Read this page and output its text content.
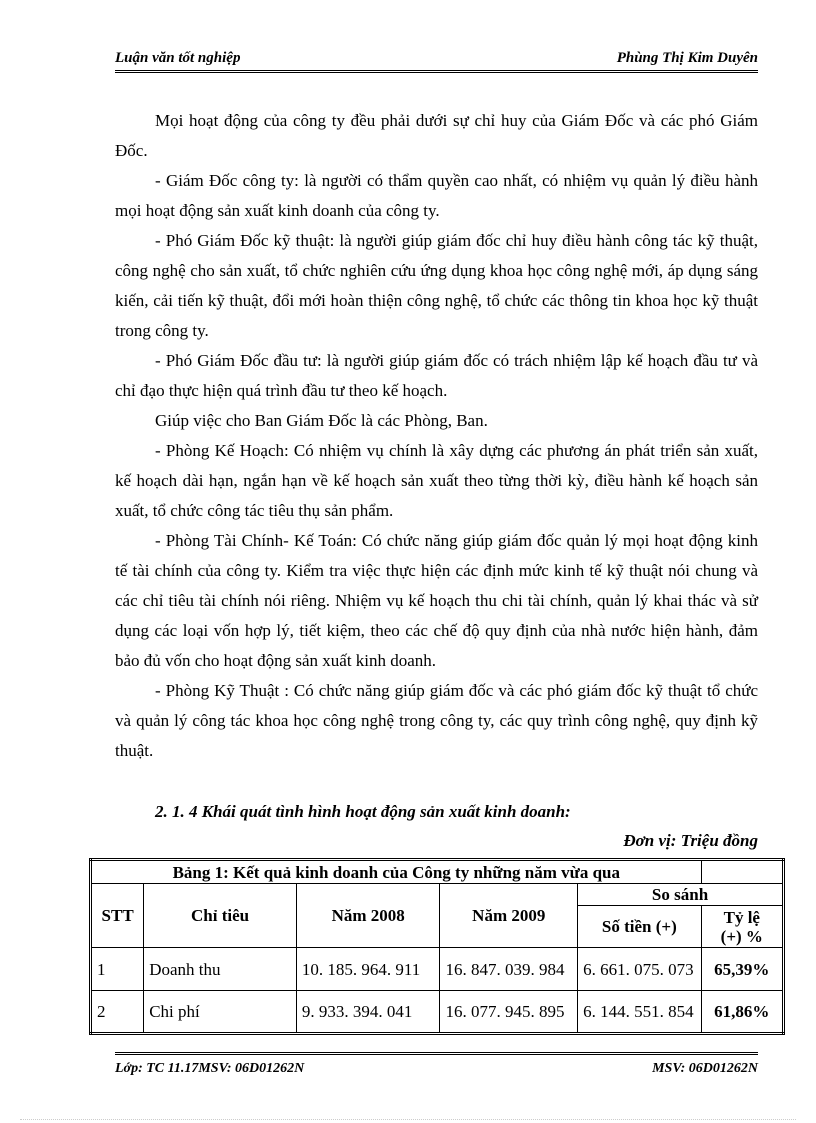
Luận văn tốt nghiệp	Phùng Thị Kim Duyên

Mọi hoạt động của công ty đều phải dưới sự chỉ huy của Giám Đốc và các phó Giám Đốc.

- Giám Đốc công ty: là người có thẩm quyền cao nhất, có nhiệm vụ quản lý điều hành mọi hoạt động sản xuất kinh doanh của công ty.

- Phó Giám Đốc kỹ thuật: là người giúp giám đốc chỉ huy điều hành công tác kỹ thuật, công nghệ cho sản xuất, tổ chức nghiên cứu ứng dụng khoa học công nghệ mới, áp dụng sáng kiến, cải tiến kỹ thuật, đổi mới hoàn thiện công nghệ, tổ chức các thông tin khoa học kỹ thuật trong công ty.

- Phó Giám Đốc đầu tư: là người giúp giám đốc có trách nhiệm lập kế hoạch đầu tư và chỉ đạo thực hiện quá trình đầu tư theo kế hoạch.

Giúp việc cho Ban Giám Đốc là các Phòng, Ban.

- Phòng Kế Hoạch: Có nhiệm vụ chính là xây dựng các phương án phát triển sản xuất, kế hoạch dài hạn, ngắn hạn về kế hoạch sản xuất theo từng thời kỳ, điều hành kế hoạch sản xuất, tổ chức công tác tiêu thụ sản phẩm.

- Phòng Tài Chính- Kế Toán: Có chức năng giúp giám đốc quản lý mọi hoạt động kinh tế tài chính của công ty. Kiểm tra việc thực hiện các định mức kinh tế kỹ thuật nói chung và các chỉ tiêu tài chính nói riêng. Nhiệm vụ kế hoạch thu chi tài chính, quản lý khai thác và sử dụng các loại vốn hợp lý, tiết kiệm, theo các chế độ quy định của nhà nước hiện hành, đảm bảo đủ vốn cho hoạt động sản xuất kinh doanh.

- Phòng Kỹ Thuật : Có chức năng giúp giám đốc và các phó giám đốc kỹ thuật tổ chức và quản lý công tác khoa học công nghệ trong công ty, các quy trình công nghệ, quy định kỹ thuật.

2. 1. 4 Khái quát tình hình hoạt động sản xuất kinh doanh:
Đơn vị: Triệu đồng
Bảng 1: Kết quả kinh doanh của Công ty những năm vừa qua					
STT	Chỉ tiêu	Năm 2008	Năm 2009	So sánh	
				Số tiền (+)	Tỷ lệ
(+) %

1	Doanh thu	10. 185. 964. 911	16. 847. 039. 984	6. 661. 075. 073	65,39%
2	Chi phí	9. 933. 394. 041	16. 077. 945. 895	6. 144. 551. 854	61,86%
Lớp: TC 11.17MSV: 06D01262N	MSV: 06D01262N
